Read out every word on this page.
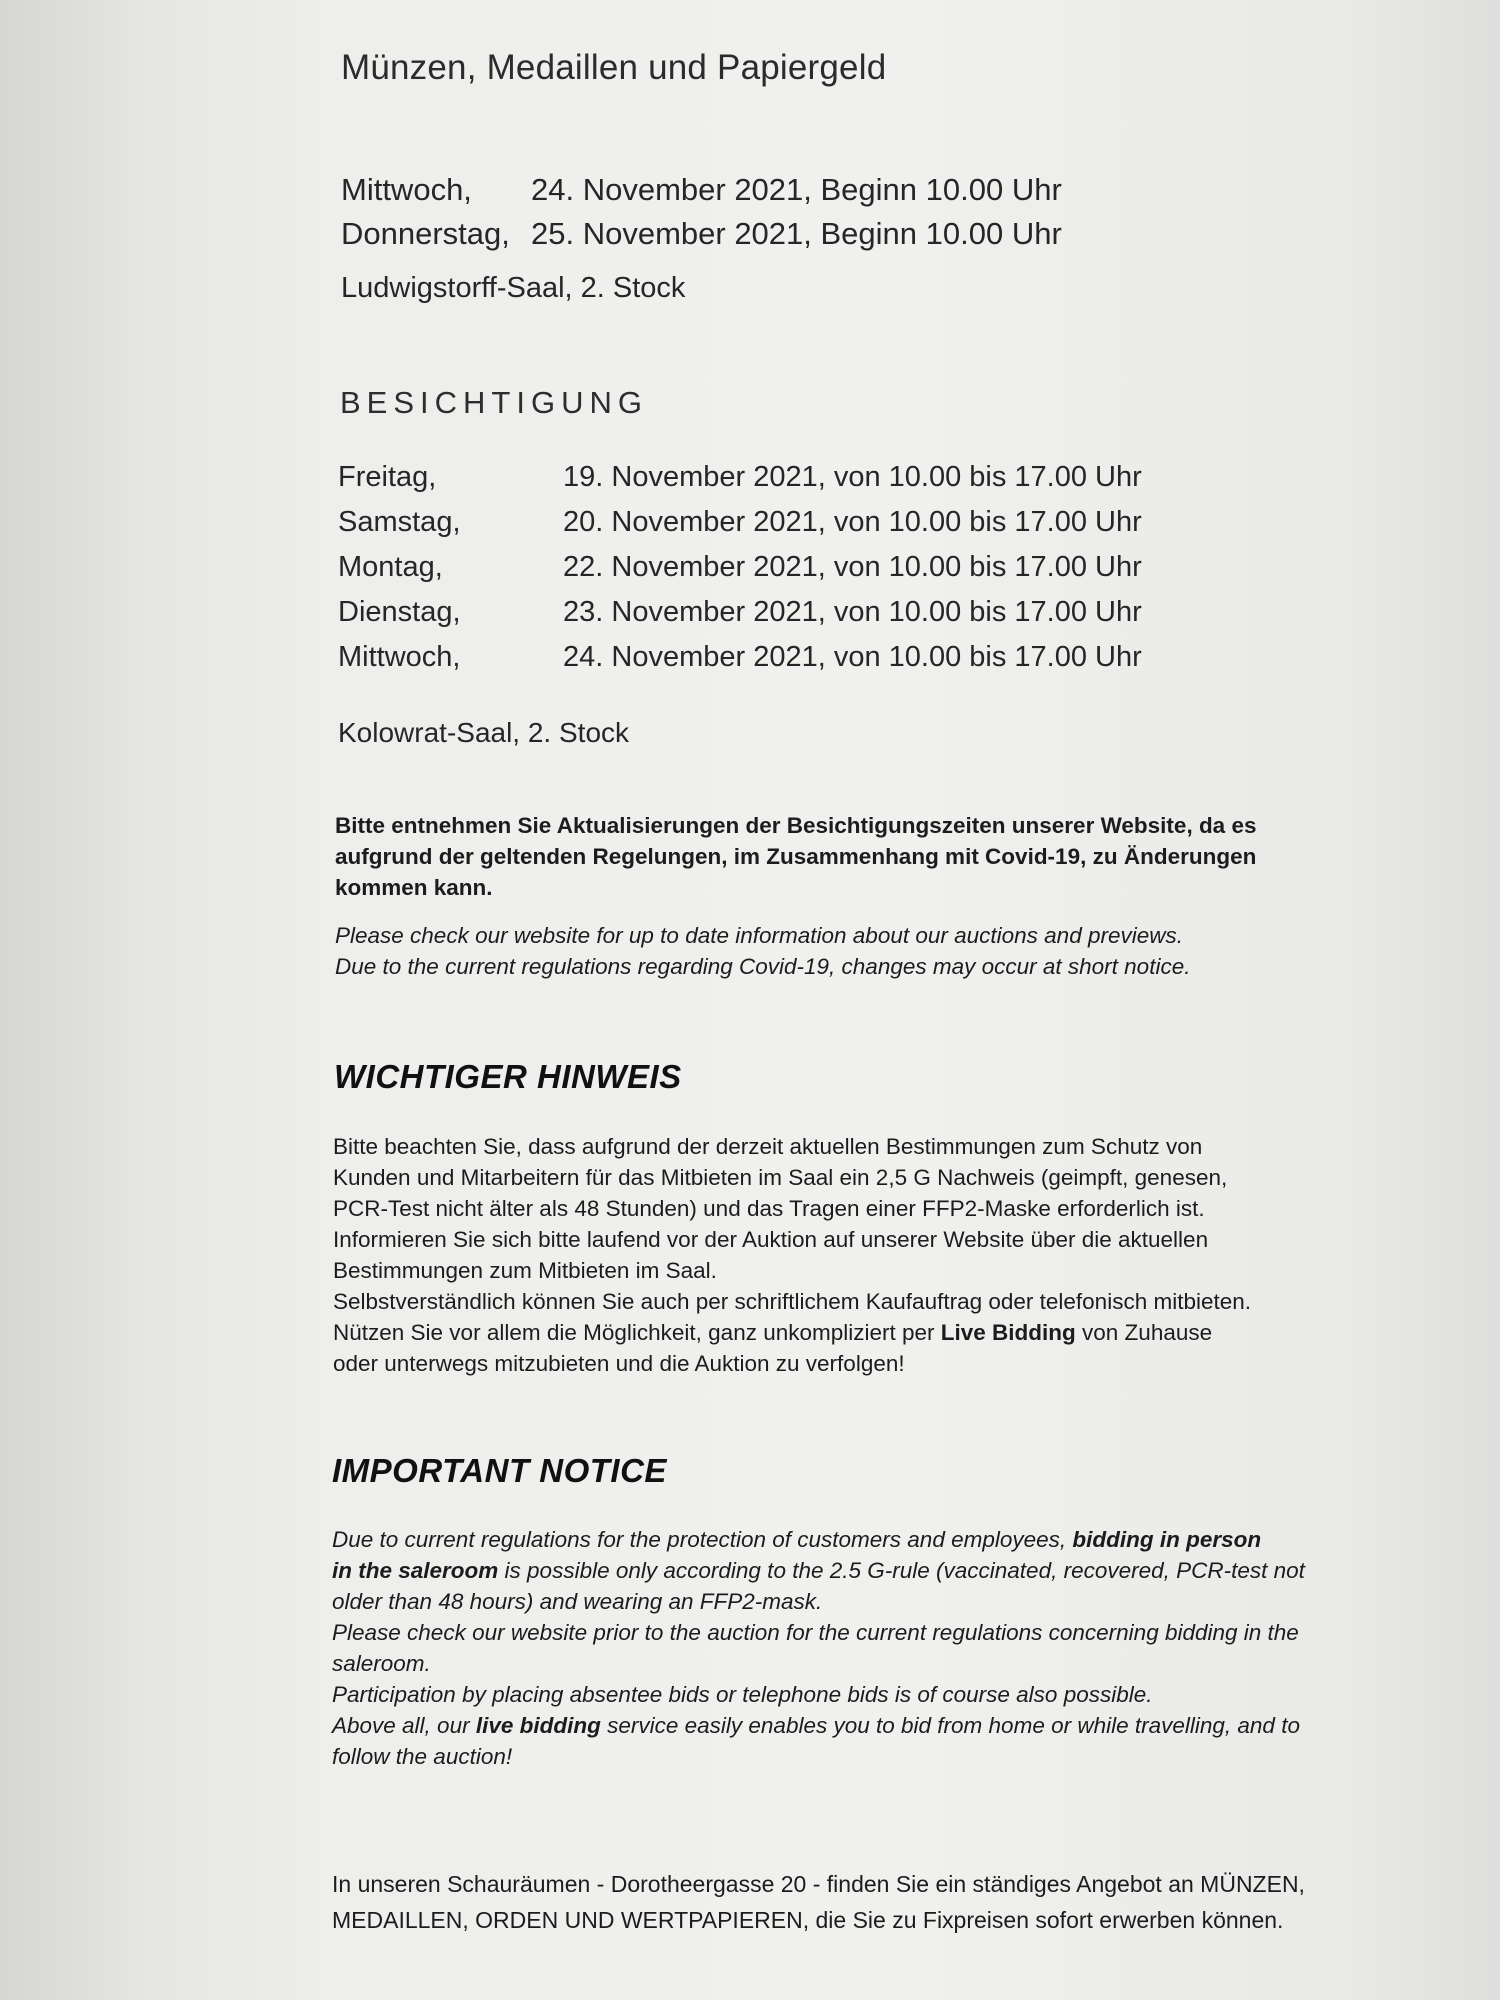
Münzen, Medaillen und Papiergeld
Mittwoch,	24. November 2021, Beginn 10.00 Uhr
Donnerstag, 25. November 2021, Beginn 10.00 Uhr
Ludwigstorff-Saal, 2. Stock
BESICHTIGUNG
Freitag,	19. November 2021, von 10.00 bis 17.00 Uhr
Samstag,	20. November 2021, von 10.00 bis 17.00 Uhr
Montag,	22. November 2021, von 10.00 bis 17.00 Uhr
Dienstag,	23. November 2021, von 10.00 bis 17.00 Uhr
Mittwoch,	24. November 2021, von 10.00 bis 17.00 Uhr
Kolowrat-Saal, 2. Stock
Bitte entnehmen Sie Aktualisierungen der Besichtigungszeiten unserer Website, da es
aufgrund der geltenden Regelungen, im Zusammenhang mit Covid-19, zu Änderungen
kommen kann.
Please check our website for up to date information about our auctions and previews.
Due to the current regulations regarding Covid-19, changes may occur at short notice.
WICHTIGER HINWEIS
Bitte beachten Sie, dass aufgrund der derzeit aktuellen Bestimmungen zum Schutz von
Kunden und Mitarbeitern für das Mitbieten im Saal ein 2,5 G Nachweis (geimpft, genesen,
PCR-Test nicht älter als 48 Stunden) und das Tragen einer FFP2-Maske erforderlich ist.
Informieren Sie sich bitte laufend vor der Auktion auf unserer Website über die aktuellen
Bestimmungen zum Mitbieten im Saal.
Selbstverständlich können Sie auch per schriftlichem Kaufauftrag oder telefonisch mitbieten.
Nützen Sie vor allem die Möglichkeit, ganz unkompliziert per Live Bidding von Zuhause
oder unterwegs mitzubieten und die Auktion zu verfolgen!
IMPORTANT NOTICE
Due to current regulations for the protection of customers and employees, bidding in person
in the saleroom is possible only according to the 2.5 G-rule (vaccinated, recovered, PCR-test not
older than 48 hours) and wearing an FFP2-mask.
Please check our website prior to the auction for the current regulations concerning bidding in the
saleroom.
Participation by placing absentee bids or telephone bids is of course also possible.
Above all, our live bidding service easily enables you to bid from home or while travelling, and to
follow the auction!
In unseren Schauräumen - Dorotheergasse 20 - finden Sie ein ständiges Angebot an MÜNZEN,
MEDAILLEN, ORDEN UND WERTPAPIEREN, die Sie zu Fixpreisen sofort erwerben können.
